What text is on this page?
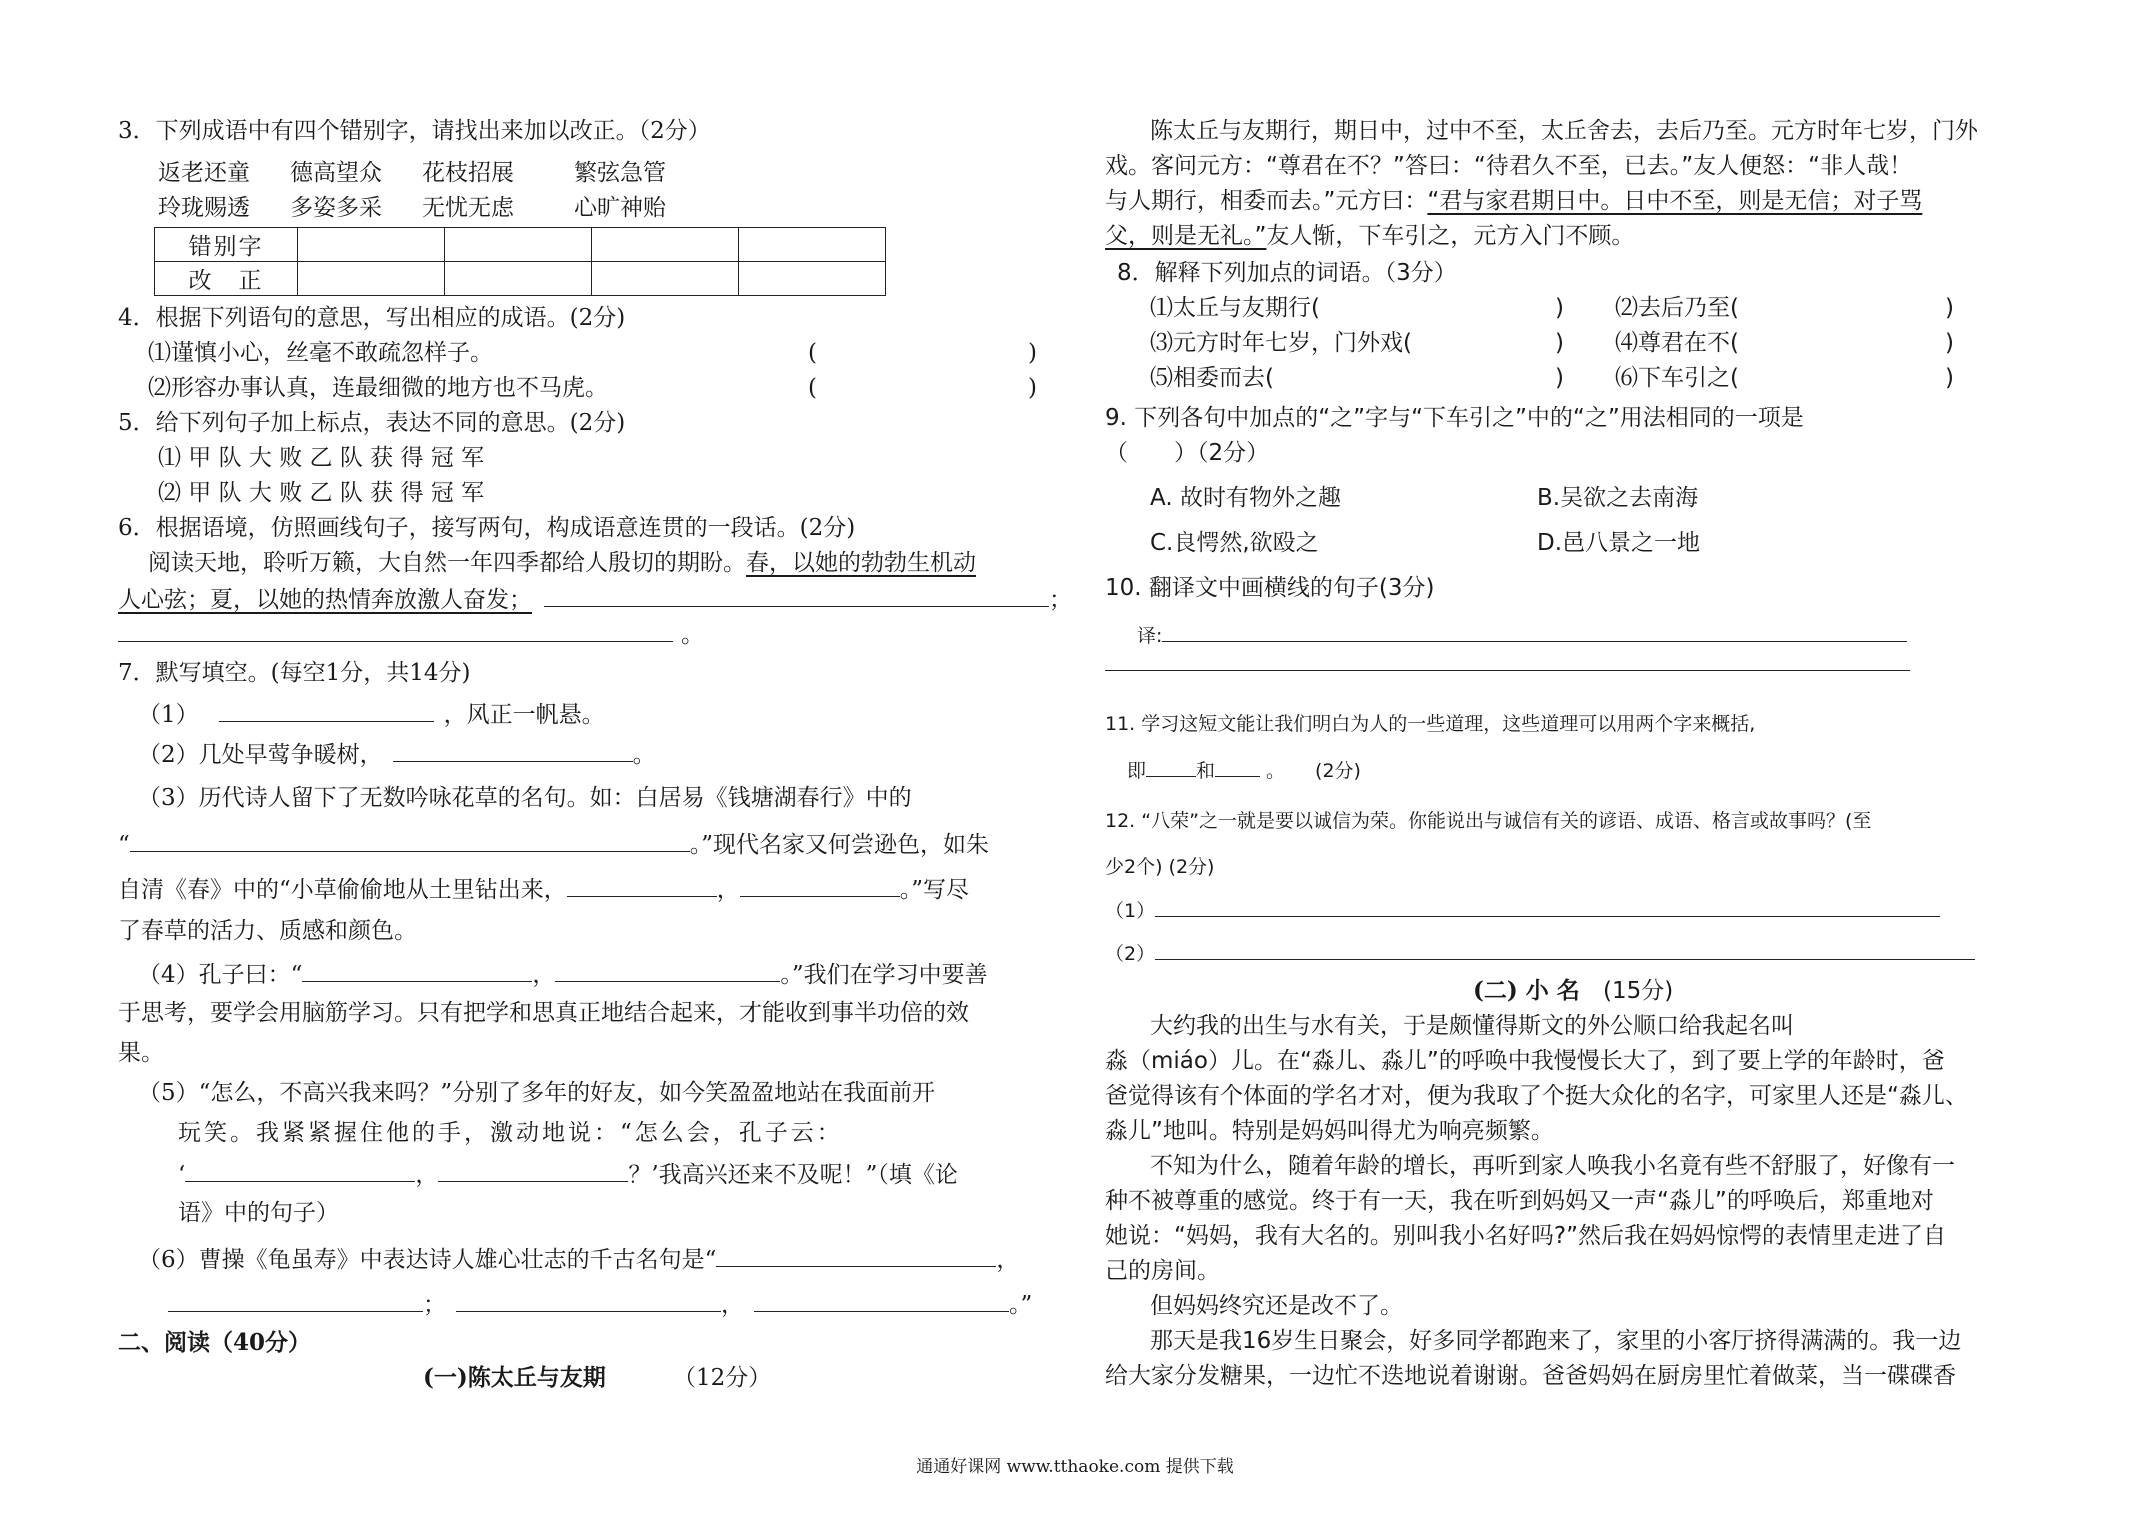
3．下列成语中有四个错别字，请找出来加以改正。（2分）
返老还童 德高望众 花枝招展	繁弦急管
玲珑赐透 多姿多采 无忧无虑	心旷神贻
错别字				
改　正				
4．根据下列语句的意思，写出相应的成语。(2分)
⑴谨慎小心，丝毫不敢疏忽样子。	(	)
⑵形容办事认真，连最细微的地方也不马虎。	(	)
5．给下列句子加上标点，表达不同的意思。(2分)
⑴ 甲 队 大 败 乙 队 获 得 冠 军
⑵ 甲 队 大 败 乙 队 获 得 冠 军
6．根据语境，仿照画线句子，接写两句，构成语意连贯的一段话。(2分)
阅读天地，聆听万籁，大自然一年四季都给人殷切的期盼。春，以她的勃勃生机动
人心弦；夏，以她的热情奔放激人奋发；	；
。
7．默写填空。(每空1分，共14分)
（1）	，风正一帆悬。
（2）几处早莺争暖树，	。
（3）历代诗人留下了无数吟咏花草的名句。如：白居易《钱塘湖春行》中的
“	。”现代名家又何尝逊色，如朱
自清《春》中的“小草偷偷地从土里钻出来，	，	。”写尽
了春草的活力、质感和颜色。
（4）孔子曰：“	，	。”我们在学习中要善
于思考，要学会用脑筋学习。只有把学和思真正地结合起来，才能收到事半功倍的效
果。
（5）“怎么，不高兴我来吗？”分别了多年的好友，如今笑盈盈地站在我面前开
玩笑。我紧紧握住他的手，激动地说：“怎么会，孔子云：
‘	，	？’我高兴还来不及呢！”（填《论
语》中的句子）
（6）曹操《龟虽寿》中表达诗人雄心壮志的千古名句是“	，
；	，	。”
二、阅读（40分）
(一)陈太丘与友期	（12分）
陈太丘与友期行，期日中，过中不至，太丘舍去，去后乃至。元方时年七岁，门外
戏。客问元方：“尊君在不？”答曰：“待君久不至，已去。”友人便怒：“非人哉！
与人期行，相委而去。”元方曰：“君与家君期日中。日中不至，则是无信；对子骂
父，则是无礼。”友人惭，下车引之，元方入门不顾。
8．解释下列加点的词语。（3分）
⑴太丘与友期行(	) ⑵去后乃至(	)
⑶元方时年七岁，门外戏(	) ⑷尊君在不(	)
⑸相委而去(	) ⑹下车引之(	)
9. 下列各句中加点的“之”字与“下车引之”中的“之”用法相同的一项是
（　　）（2分）
A. 故时有物外之趣	B.吴欲之去南海
C.良愕然,欲殴之	D.邑八景之一地
10. 翻译文中画横线的句子(3分)
译:
11. 学习这短文能让我们明白为人的一些道理，这些道理可以用两个字来概括,
即	和	。 (2分)
12. “八荣”之一就是要以诚信为荣。你能说出与诚信有关的谚语、成语、格言或故事吗？(至
少2个) (2分)
（1）
（2）
(二) 小 名 (15分)
大约我的出生与水有关，于是颇懂得斯文的外公顺口给我起名叫
淼（miáo）儿。在“淼儿、淼儿”的呼唤中我慢慢长大了，到了要上学的年龄时，爸
爸觉得该有个体面的学名才对，便为我取了个挺大众化的名字，可家里人还是“淼儿、
淼儿”地叫。特别是妈妈叫得尤为响亮频繁。
不知为什么，随着年龄的增长，再听到家人唤我小名竟有些不舒服了，好像有一
种不被尊重的感觉。终于有一天，我在听到妈妈又一声“淼儿”的呼唤后，郑重地对
她说：“妈妈，我有大名的。别叫我小名好吗?”然后我在妈妈惊愕的表情里走进了自
己的房间。
但妈妈终究还是改不了。
那天是我16岁生日聚会，好多同学都跑来了，家里的小客厅挤得满满的。我一边
给大家分发糖果，一边忙不迭地说着谢谢。爸爸妈妈在厨房里忙着做菜，当一碟碟香
通通好课网 www.tthaoke.com 提供下载
